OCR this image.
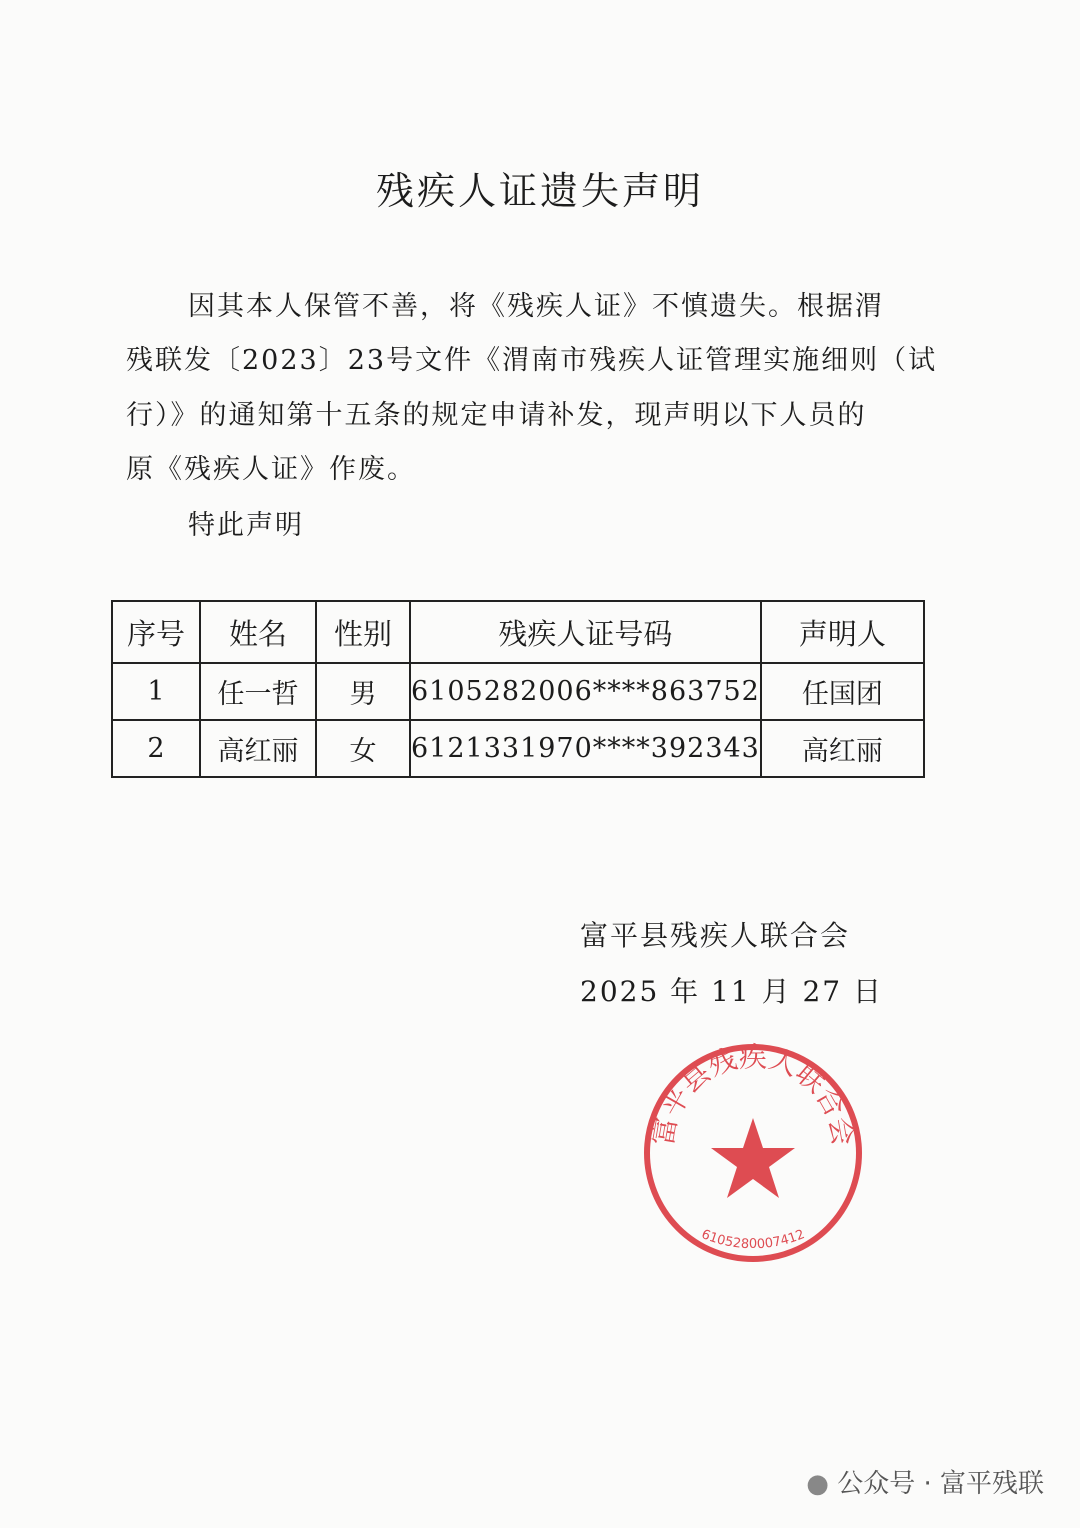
残疾人证遗失声明
因其本人保管不善，将《残疾人证》不慎遗失。根据渭
残联发〔2023〕23号文件《渭南市残疾人证管理实施细则（试
行）》的通知第十五条的规定申请补发，现声明以下人员的
原《残疾人证》作废。
特此声明
序号	姓名	性别	残疾人证号码	声明人
1	任一哲	男	6105282006****863752	任国团
2	高红丽	女	6121331970****392343	高红丽
富平县残疾人联合会
2025 年 11 月 27 日
富平县残疾人联合会
6105280007412
● 公众号 · 富平残联
